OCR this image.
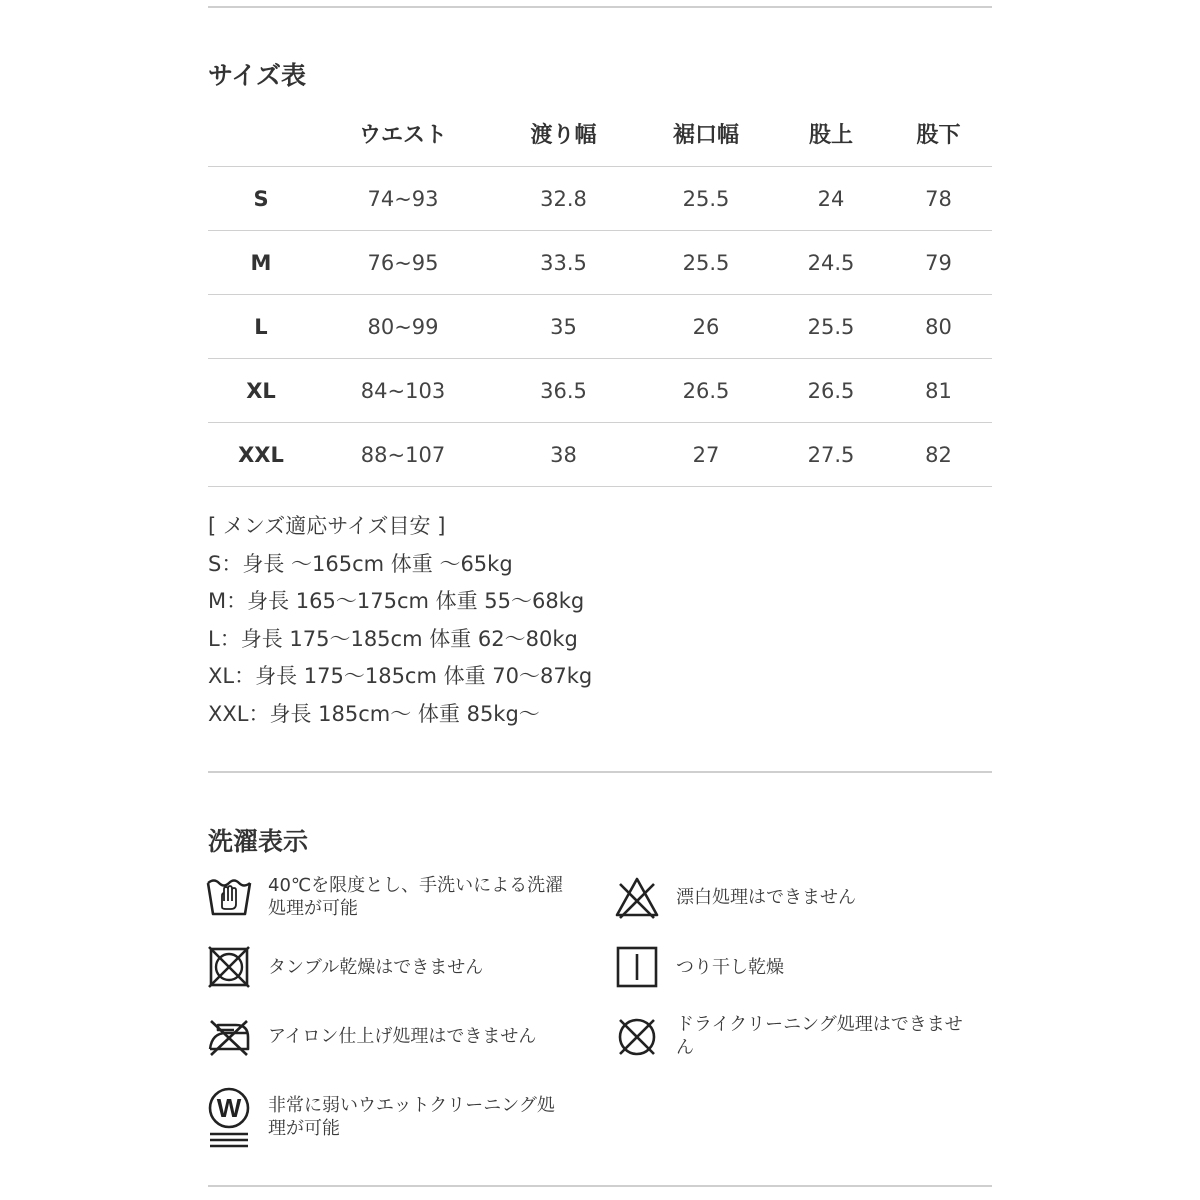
サイズ表
	ウエスト	渡り幅	裾口幅	股上	股下
S	74~93	32.8	25.5	24	78
M	76~95	33.5	25.5	24.5	79
L	80~99	35	26	25.5	80
XL	84~103	36.5	26.5	26.5	81
XXL	88~107	38	27	27.5	82
[ メンズ適応サイズ目安 ]
S：身長 ～165cm 体重 ～65kg
M：身長 165～175cm 体重 55～68kg
L：身長 175～185cm 体重 62～80kg
XL：身長 175～185cm 体重 70～87kg
XXL：身長 185cm～ 体重 85kg～
洗濯表示
40℃を限度とし、手洗いによる洗濯処理が可能
漂白処理はできません
タンブル乾燥はできません	つり干し乾燥
アイロン仕上げ処理はできません
ドライクリーニング処理はできません
W 非常に弱いウエットクリーニング処理が可能
